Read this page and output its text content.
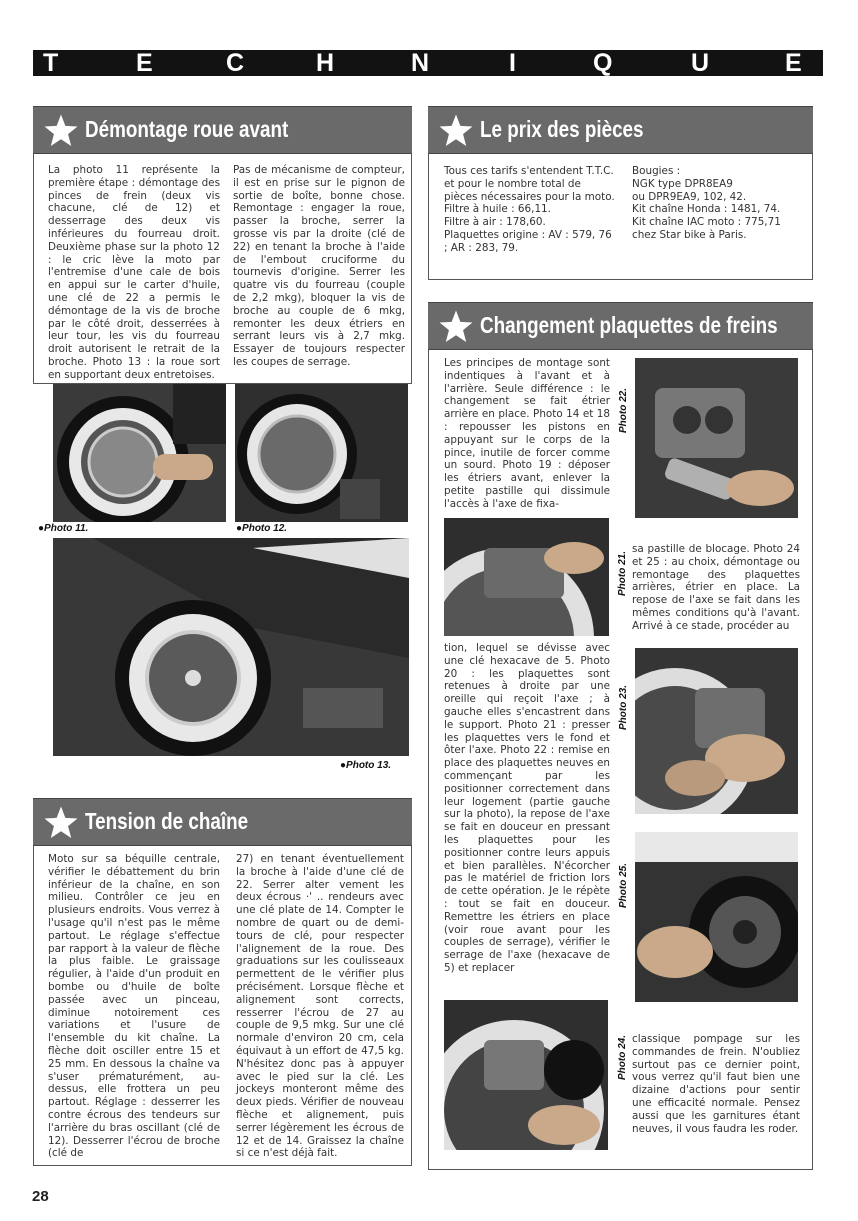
T	E	C	H	N	I	Q	U	E
Démontage roue avant
La photo 11 représente la première étape : démontage des pinces de frein (deux vis chacune, clé de 12) et desserrage des deux vis inférieures du fourreau droit. Deuxième phase sur la photo 12 : le cric lève la moto par l'entremise d'une cale de bois en appui sur le carter d'huile, une clé de 22 a permis le démontage de la vis de broche par le côté droit, desserrées à leur tour, les vis du fourreau droit autorisent le retrait de la broche. Photo 13 : la roue sort en supportant deux entretoises.
Pas de mécanisme de compteur, il est en prise sur le pignon de sortie de boîte, bonne chose. Remontage : engager la roue, passer la broche, serrer la grosse vis par la droite (clé de 22) en tenant la broche à l'aide de l'embout cruciforme du tournevis d'origine. Serrer les quatre vis du fourreau (couple de 2,2 mkg), bloquer la vis de broche au couple de 6 mkg, remonter les deux étriers en serrant leurs vis à 2,7 mkg. Essayer de toujours respecter les coupes de serrage.
● Photo 11.
●	Photo 12.
● Photo 13.
Tension de chaîne
Moto sur sa béquille centrale, vérifier le débattement du brin inférieur de la chaîne, en son milieu. Contrôler ce jeu en plusieurs endroits. Vous verrez à l'usage qu'il n'est pas le même partout. Le réglage s'effectue par rapport à la valeur de flèche la plus faible. Le graissage régulier, à l'aide d'un produit en bombe ou d'huile de boîte passée avec un pinceau, diminue notoirement ces variations et l'usure de l'ensemble du kit chaîne. La flèche doit osciller entre 15 et 25 mm. En dessous la chaîne va s'user prématurément, au-dessus, elle frottera un peu partout. Réglage : desserrer les contre écrous des tendeurs sur l'arrière du bras oscillant (clé de 12). Desserrer l'écrou de broche (clé de
27) en tenant éventuellement la broche à l'aide d'une clé de 22. Serrer alter vement les deux écrous ·' .. rendeurs avec une clé plate de 14. Compter le nombre de quart ou de demi-tours de clé, pour respecter l'alignement de la roue. Des graduations sur les coulisseaux permettent de le vérifier plus précisément. Lorsque flèche et alignement sont corrects, resserrer l'écrou de 27 au couple de 9,5 mkg. Sur une clé normale d'environ 20 cm, cela équivaut à un effort de 47,5 kg. N'hésitez donc pas à appuyer avec le pied sur la clé. Les jockeys monteront même des deux pieds. Vérifier de nouveau flèche et alignement, puis serrer légèrement les écrous de 12 et de 14. Graissez la chaîne si ce n'est déjà fait.
Le prix des pièces

Tous ces tarifs s'entendent T.T.C. et pour le nombre total de pièces nécessaires pour la moto.

Filtre à huile : 66,11.

Filtre à air : 178,60.

Plaquettes origine : AV : 579, 76 ; AR : 283, 79.

Bougies :

NGK type DPR8EA9

ou DPR9EA9, 102, 42.

Kit chaîne Honda : 1481, 74.

Kit chaîne IAC moto : 775,71 chez Star bike à Paris.

Changement plaquettes de freins
Les principes de montage sont indentiques à l'avant et à l'arrière. Seule différence : le changement se fait étrier arrière en place. Photo 14 et 18 : repousser les pistons en appuyant sur le corps de la pince, inutile de forcer comme un sourd. Photo 19 : déposer les étriers avant, enlever la petite pastille qui dissimule l'accès à l'axe de fixa-
Photo 22.
Photo 21.
sa pastille de blocage. Photo 24 et 25 : au choix, démontage ou remontage des plaquettes arrières, étrier en place. La repose de l'axe se fait dans les mêmes conditions qu'à l'avant. Arrivé à ce stade, procéder au
tion, lequel se dévisse avec une clé hexacave de 5. Photo 20 : les plaquettes sont retenues à droite par une oreille qui reçoit l'axe ; à gauche elles s'encastrent dans le support. Photo 21 : presser les plaquettes vers le fond et ôter l'axe. Photo 22 : remise en place des plaquettes neuves en commençant par les positionner correctement dans leur logement (partie gauche sur la photo), la repose de l'axe se fait en douceur en pressant les plaquettes pour les positionner contre leurs appuis et bien parallèles. N'écorcher pas le matériel de friction lors de cette opération. Je le répète : tout se fait en douceur. Remettre les étriers en place (voir roue avant pour les couples de serrage), vérifier le serrage de l'axe (hexacave de 5) et replacer
Photo 23.
Photo 25.
Photo 24. classique pompage sur les commandes de frein. N'oubliez surtout pas ce dernier point, vous verrez qu'il faut bien une dizaine d'actions pour sentir une efficacité normale. Pensez aussi que les garnitures étant neuves, il vous faudra les roder.
28
